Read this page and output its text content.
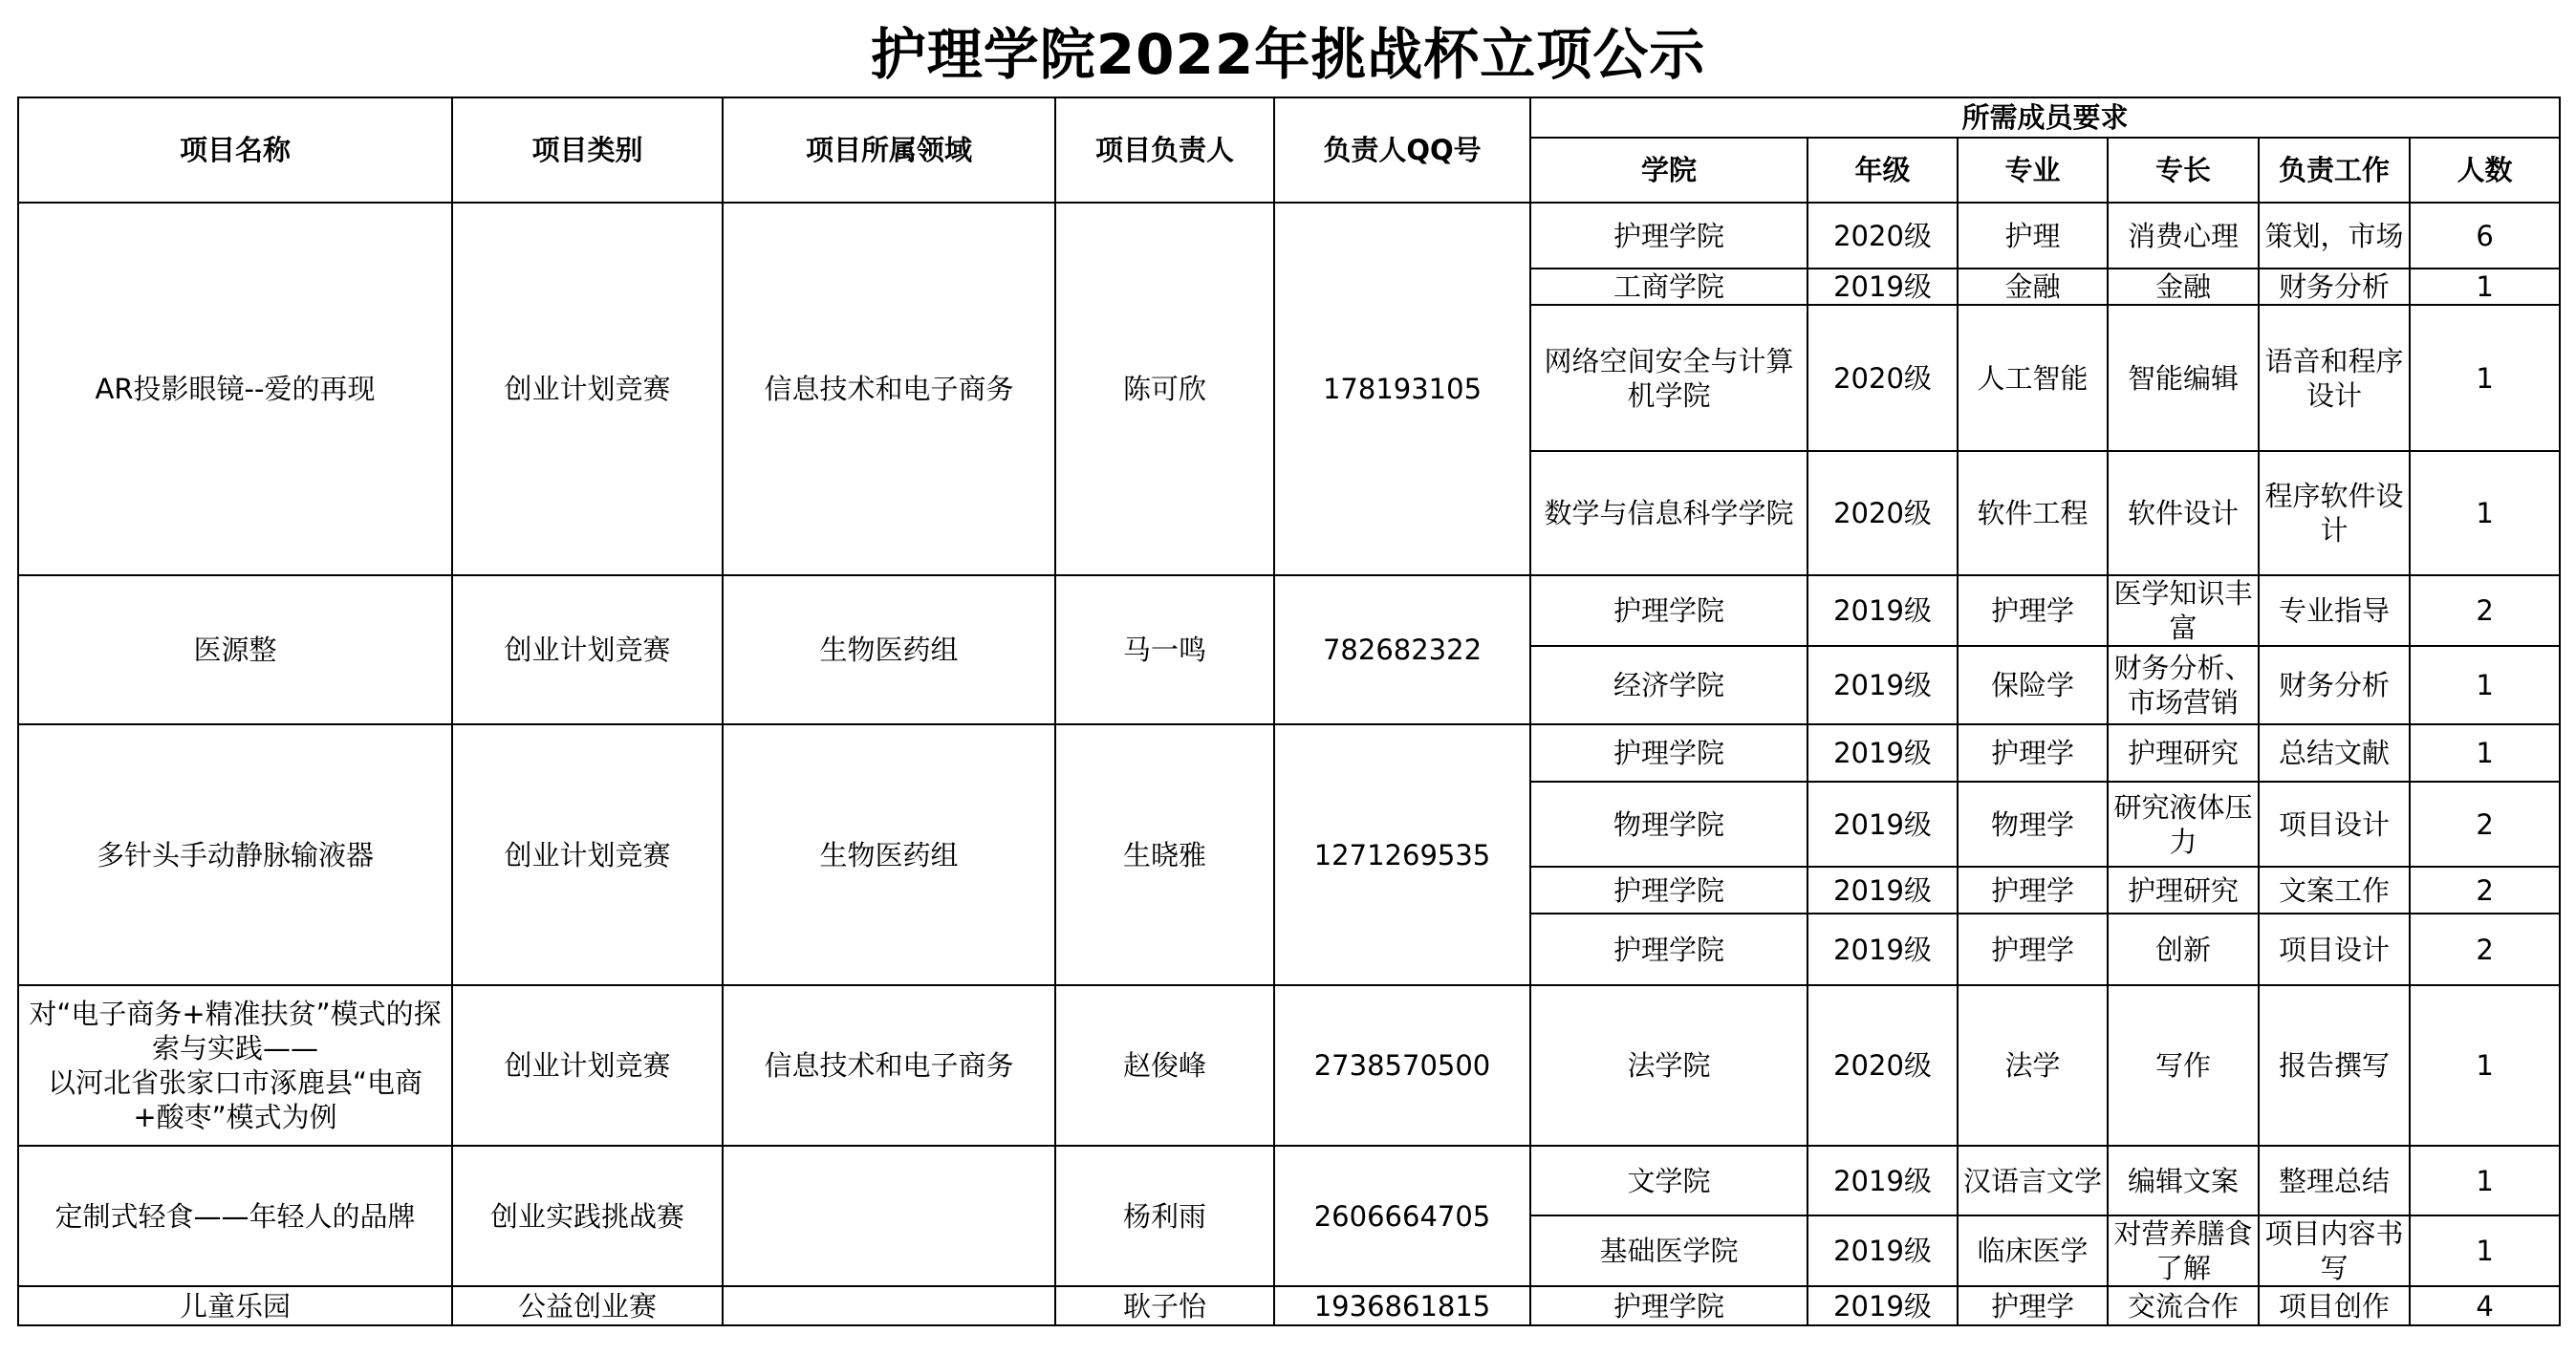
护理学院2022年挑战杯立项公示
项目名称	项目类别	项目所属领域	项目负责人	负责人QQ号	所需成员要求					
					学院	年级	专业	专长	负责工作	人数
AR投影眼镜--爱的再现	创业计划竞赛	信息技术和电子商务	陈可欣	178193105	护理学院	2020级	护理	消费心理	策划，市场	6
					工商学院	2019级	金融	金融	财务分析	1
					网络空间安全与计算机学院	2020级	人工智能	智能编辑	语音和程序设计	1
					数学与信息科学学院	2020级	软件工程	软件设计	程序软件设计	1
医源整	创业计划竞赛	生物医药组	马一鸣	782682322	护理学院	2019级	护理学	医学知识丰富	专业指导	2
					经济学院	2019级	保险学	财务分析、市场营销	财务分析	1
多针头手动静脉输液器	创业计划竞赛	生物医药组	生晓雅	1271269535	护理学院	2019级	护理学	护理研究	总结文献	1
					物理学院	2019级	物理学	研究液体压力	项目设计	2
					护理学院	2019级	护理学	护理研究	文案工作	2
					护理学院	2019级	护理学	创新	项目设计	2

对“电子商务+精准扶贫”模式的探索与实践——
以河北省张家口市涿鹿县“电商+酸枣”模式为例	创业计划竞赛	信息技术和电子商务	赵俊峰	2738570500	法学院	2020级	法学	写作	报告撰写	1
定制式轻食——年轻人的品牌	创业实践挑战赛		杨利雨	2606664705	文学院	2019级	汉语言文学	编辑文案	整理总结	1
					基础医学院	2019级	临床医学	对营养膳食了解	项目内容书写	1
儿童乐园	公益创业赛		耿子怡	1936861815	护理学院	2019级	护理学	交流合作	项目创作	4
